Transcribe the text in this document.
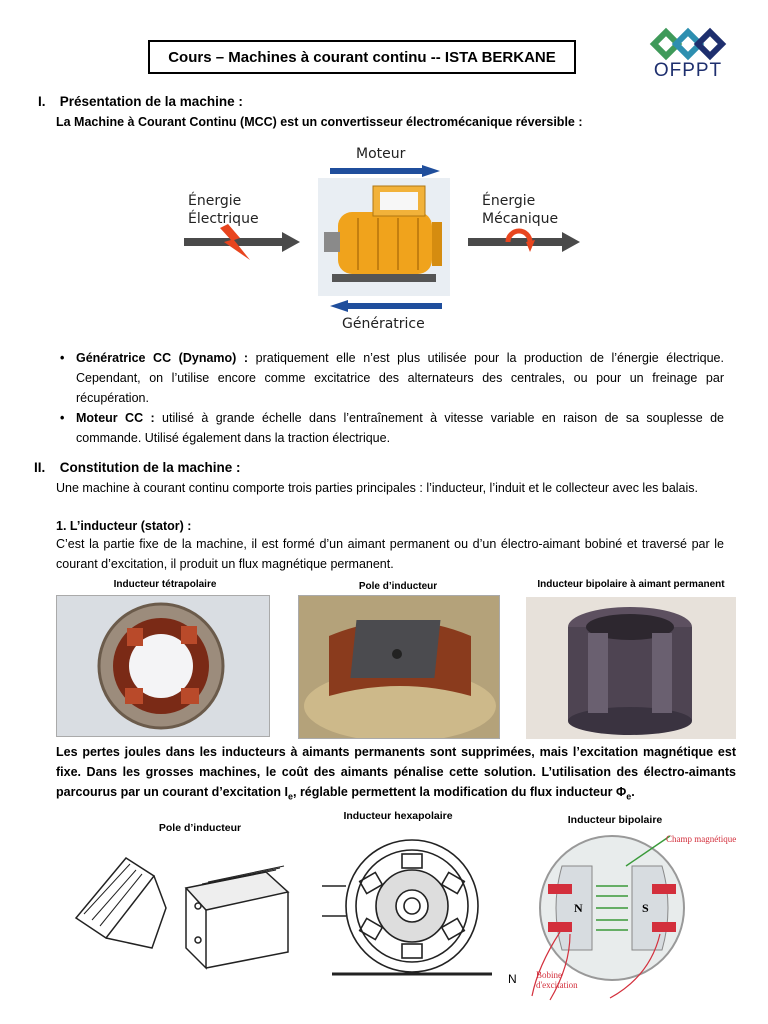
Cours – Machines à courant continu -- ISTA BERKANE
OFPPT
I. Présentation de la machine :
La Machine à Courant Continu (MCC) est un convertisseur électromécanique réversible :
Moteur
Énergie
Électrique
Énergie
Mécanique
Génératrice
• Génératrice CC (Dynamo) : pratiquement elle n’est plus utilisée pour la production de l’énergie électrique. Cependant, on l’utilise encore comme excitatrice des alternateurs des centrales, ou pour un freinage par récupération.
• Moteur CC : utilisé à grande échelle dans l’entraînement à vitesse variable en raison de sa souplesse de commande. Utilisé également dans la traction électrique.
II. Constitution de la machine :
Une machine à courant continu comporte trois parties principales : l’inducteur, l’induit et le collecteur avec les balais.
1. L’inducteur (stator) :
C’est la partie fixe de la machine, il est formé d’un aimant permanent ou d’un électro-aimant bobiné et traversé par le courant d’excitation, il produit un flux magnétique permanent.
Inducteur tétrapolaire	Pole d’inducteur	Inducteur bipolaire à aimant permanent
Les pertes joules dans les inducteurs à aimants permanents sont supprimées, mais l’excitation magnétique est fixe. Dans les grosses machines, le coût des aimants pénalise cette solution. L’utilisation des électro-aimants parcourus par un courant d’excitation $I_e$, réglable permettent la modification du flux inducteur $\Phi_e$.
Pole d’inducteur
Inducteur hexapolaire	Inducteur bipolaire
N	S
Champ magnétique
Bobine
d'excitation
N
